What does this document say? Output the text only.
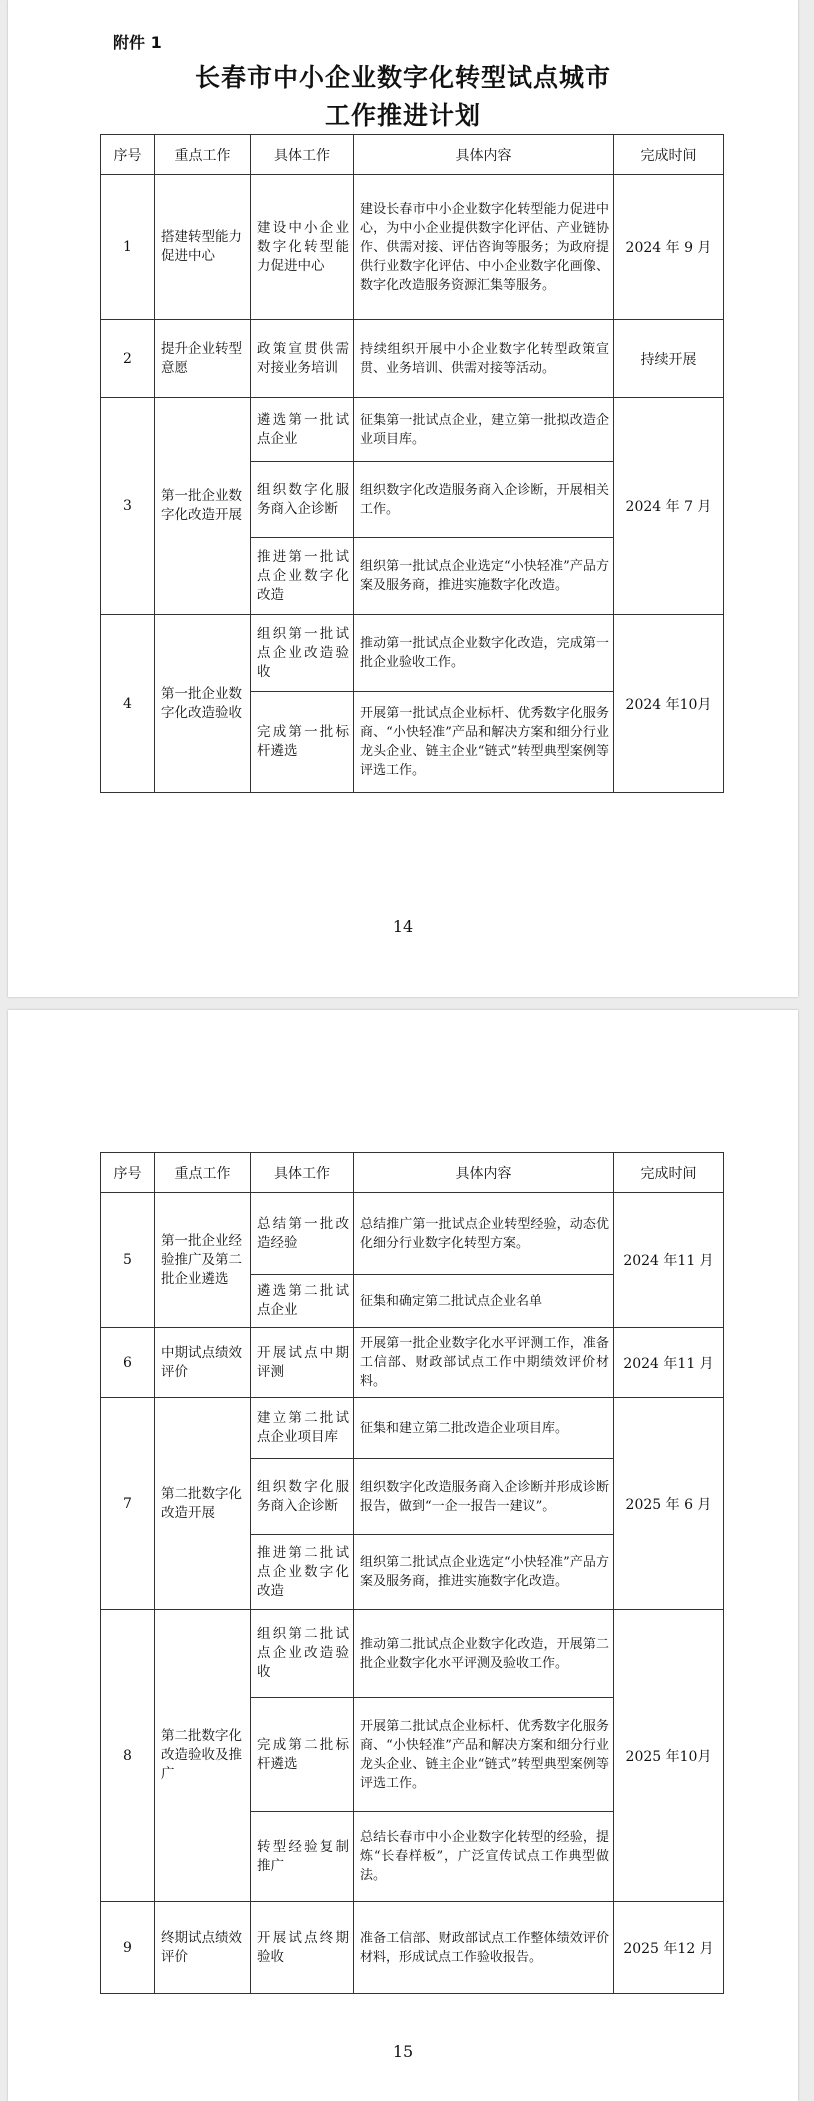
附件 1
长春市中小企业数字化转型试点城市
工作推进计划
序号	重点工作	具体工作	具体内容	完成时间
1	搭建转型能力促进中心	建设中小企业数字化转型能力促进中心	建设长春市中小企业数字化转型能力促进中心，为中小企业提供数字化评估、产业链协作、供需对接、评估咨询等服务；为政府提供行业数字化评估、中小企业数字化画像、数字化改造服务资源汇集等服务。	2024 年 9 月
2	提升企业转型意愿	政策宣贯供需对接业务培训	持续组织开展中小企业数字化转型政策宣贯、业务培训、供需对接等活动。	持续开展
3	第一批企业数字化改造开展	遴选第一批试点企业	征集第一批试点企业，建立第一批拟改造企业项目库。	2024 年 7 月
		组织数字化服务商入企诊断	组织数字化改造服务商入企诊断，开展相关工作。	
		推进第一批试点企业数字化改造	组织第一批试点企业选定“小快轻准”产品方案及服务商，推进实施数字化改造。	
4	第一批企业数字化改造验收	组织第一批试点企业改造验收	推动第一批试点企业数字化改造，完成第一批企业验收工作。	2024 年10月
		完成第一批标杆遴选	开展第一批试点企业标杆、优秀数字化服务商、“小快轻准”产品和解决方案和细分行业龙头企业、链主企业“链式”转型典型案例等评选工作。	
14
序号	重点工作	具体工作	具体内容	完成时间
5	第一批企业经验推广及第二批企业遴选	总结第一批改造经验	总结推广第一批试点企业转型经验，动态优化细分行业数字化转型方案。	2024 年11 月
		遴选第二批试点企业	征集和确定第二批试点企业名单	
6	中期试点绩效评价	开展试点中期评测	开展第一批企业数字化水平评测工作，准备工信部、财政部试点工作中期绩效评价材料。	2024 年11 月
7	第二批数字化改造开展	建立第二批试点企业项目库	征集和建立第二批改造企业项目库。	2025 年 6 月
		组织数字化服务商入企诊断	组织数字化改造服务商入企诊断并形成诊断报告，做到“一企一报告一建议”。	
		推进第二批试点企业数字化改造	组织第二批试点企业选定“小快轻准”产品方案及服务商，推进实施数字化改造。	
8	第二批数字化改造验收及推广	组织第二批试点企业改造验收	推动第二批试点企业数字化改造，开展第二批企业数字化水平评测及验收工作。	2025 年10月
		完成第二批标杆遴选	开展第二批试点企业标杆、优秀数字化服务商、“小快轻准”产品和解决方案和细分行业龙头企业、链主企业“链式”转型典型案例等评选工作。	
		转型经验复制推广	总结长春市中小企业数字化转型的经验，提炼“长春样板”，广泛宣传试点工作典型做法。	
9	终期试点绩效评价	开展试点终期验收	准备工信部、财政部试点工作整体绩效评价材料，形成试点工作验收报告。	2025 年12 月
15
